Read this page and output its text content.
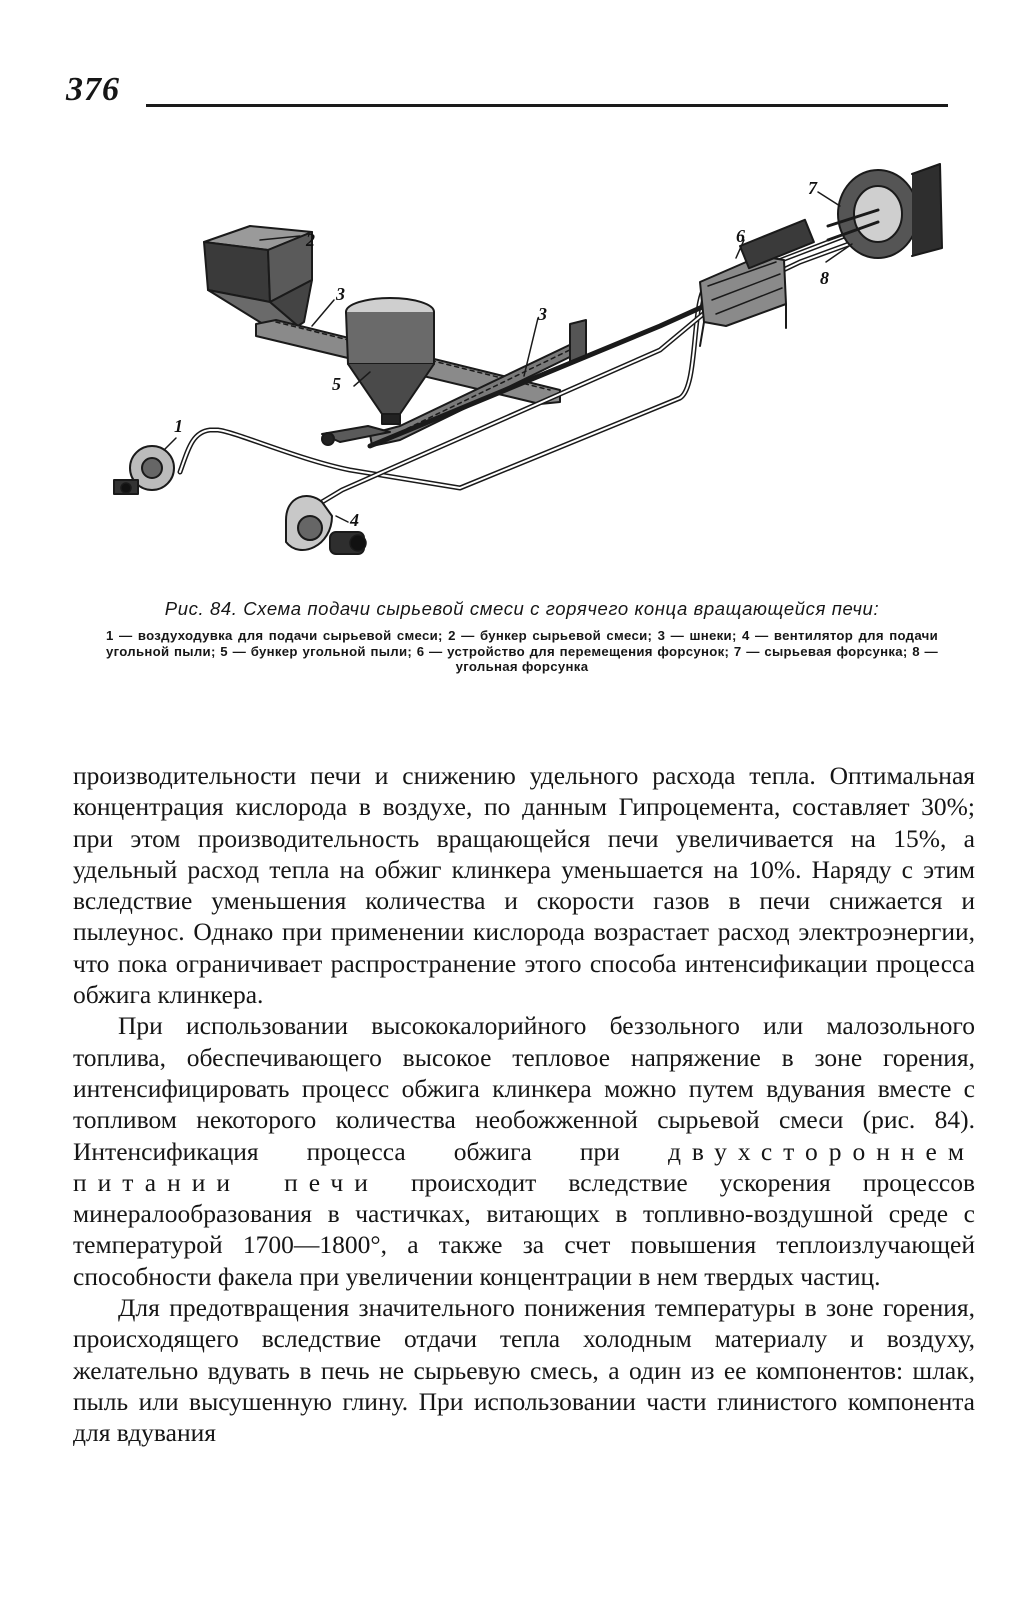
376
1
2
3
3
4
5
6
7
8

Рис. 84. Схема подачи сырьевой смеси с горячего конца вращающейся печи:

1 — воздуходувка для подачи сырьевой смеси; 2 — бункер сырьевой смеси; 3 — шнеки; 4 — вентилятор для подачи угольной пыли; 5 — бункер угольной пыли; 6 — устройство для перемещения форсунок; 7 — сырьевая форсунка; 8 — угольная форсунка

производительности печи и снижению удельного расхода тепла. Оптимальная концентрация кислорода в воздухе, по данным Гипроцемента, составляет 30%; при этом производительность вращающейся печи увеличивается на 15%, а удельный расход тепла на обжиг клинкера уменьшается на 10%. Наряду с этим вследствие уменьшения количества и скорости газов в печи снижается и пылеунос. Однако при применении кислорода возрастает расход электроэнергии, что пока ограничивает распространение этого способа интенсификации процесса обжига клинкера.

При использовании высококалорийного беззольного или малозольного топлива, обеспечивающего высокое тепловое напряжение в зоне горения, интенсифицировать процесс обжига клинкера можно путем вдувания вместе с топливом некоторого количества необожженной сырьевой смеси (рис. 84). Интенсификация процесса обжига при двухстороннем питании печи происходит вследствие ускорения процессов минералообразования в частичках, витающих в топливно-воздушной среде с температурой 1700—1800°, а также за счет повышения теплоизлучающей способности факела при увеличении концентрации в нем твердых частиц.

Для предотвращения значительного понижения температуры в зоне горения, происходящего вследствие отдачи тепла холодным материалу и воздуху, желательно вдувать в печь не сырьевую смесь, а один из ее компонентов: шлак, пыль или высушенную глину. При использовании части глинистого компонента для вдувания
